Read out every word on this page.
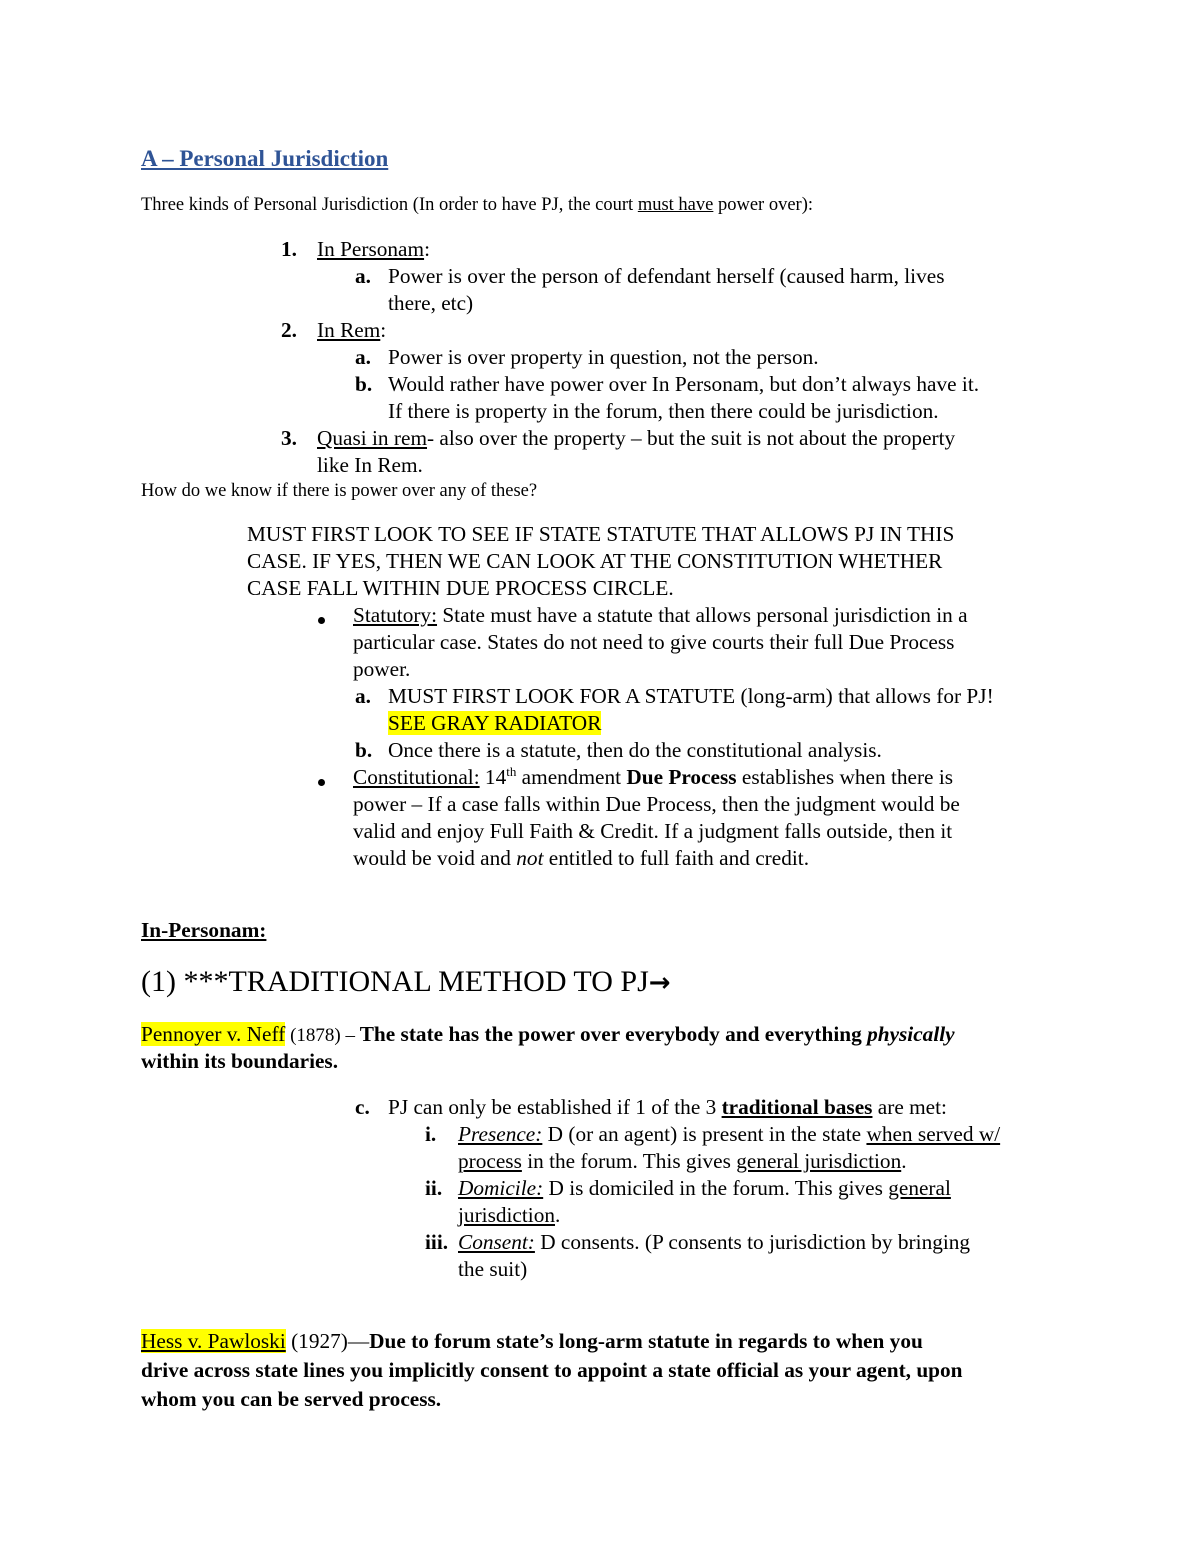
A – Personal Jurisdiction
Three kinds of Personal Jurisdiction (In order to have PJ, the court must have power over):
1. In Personam:
a. Power is over the person of defendant herself (caused harm, lives
there, etc)
2. In Rem:
a. Power is over property in question, not the person.
b. Would rather have power over In Personam, but don’t always have it.
If there is property in the forum, then there could be jurisdiction.
3. Quasi in rem- also over the property – but the suit is not about the property
like In Rem.
How do we know if there is power over any of these?
MUST FIRST LOOK TO SEE IF STATE STATUTE THAT ALLOWS PJ IN THIS
CASE. IF YES, THEN WE CAN LOOK AT THE CONSTITUTION WHETHER
CASE FALL WITHIN DUE PROCESS CIRCLE.
Statutory: State must have a statute that allows personal jurisdiction in a
particular case. States do not need to give courts their full Due Process
power.
a. MUST FIRST LOOK FOR A STATUTE (long-arm) that allows for PJ!
SEE GRAY RADIATOR
b. Once there is a statute, then do the constitutional analysis.
Constitutional: 14th amendment Due Process establishes when there is
power – If a case falls within Due Process, then the judgment would be
valid and enjoy Full Faith & Credit. If a judgment falls outside, then it
would be void and not entitled to full faith and credit.
In-Personam:
(1) ***TRADITIONAL METHOD TO PJ→
Pennoyer v. Neff (1878) – The state has the power over everybody and everything physically
within its boundaries.
c. PJ can only be established if 1 of the 3 traditional bases are met:
i. Presence: D (or an agent) is present in the state when served w/
process in the forum. This gives general jurisdiction.
ii. Domicile: D is domiciled in the forum. This gives general
jurisdiction.
iii. Consent: D consents. (P consents to jurisdiction by bringing
the suit)
Hess v. Pawloski (1927)—Due to forum state’s long-arm statute in regards to when you
drive across state lines you implicitly consent to appoint a state official as your agent, upon
whom you can be served process.
